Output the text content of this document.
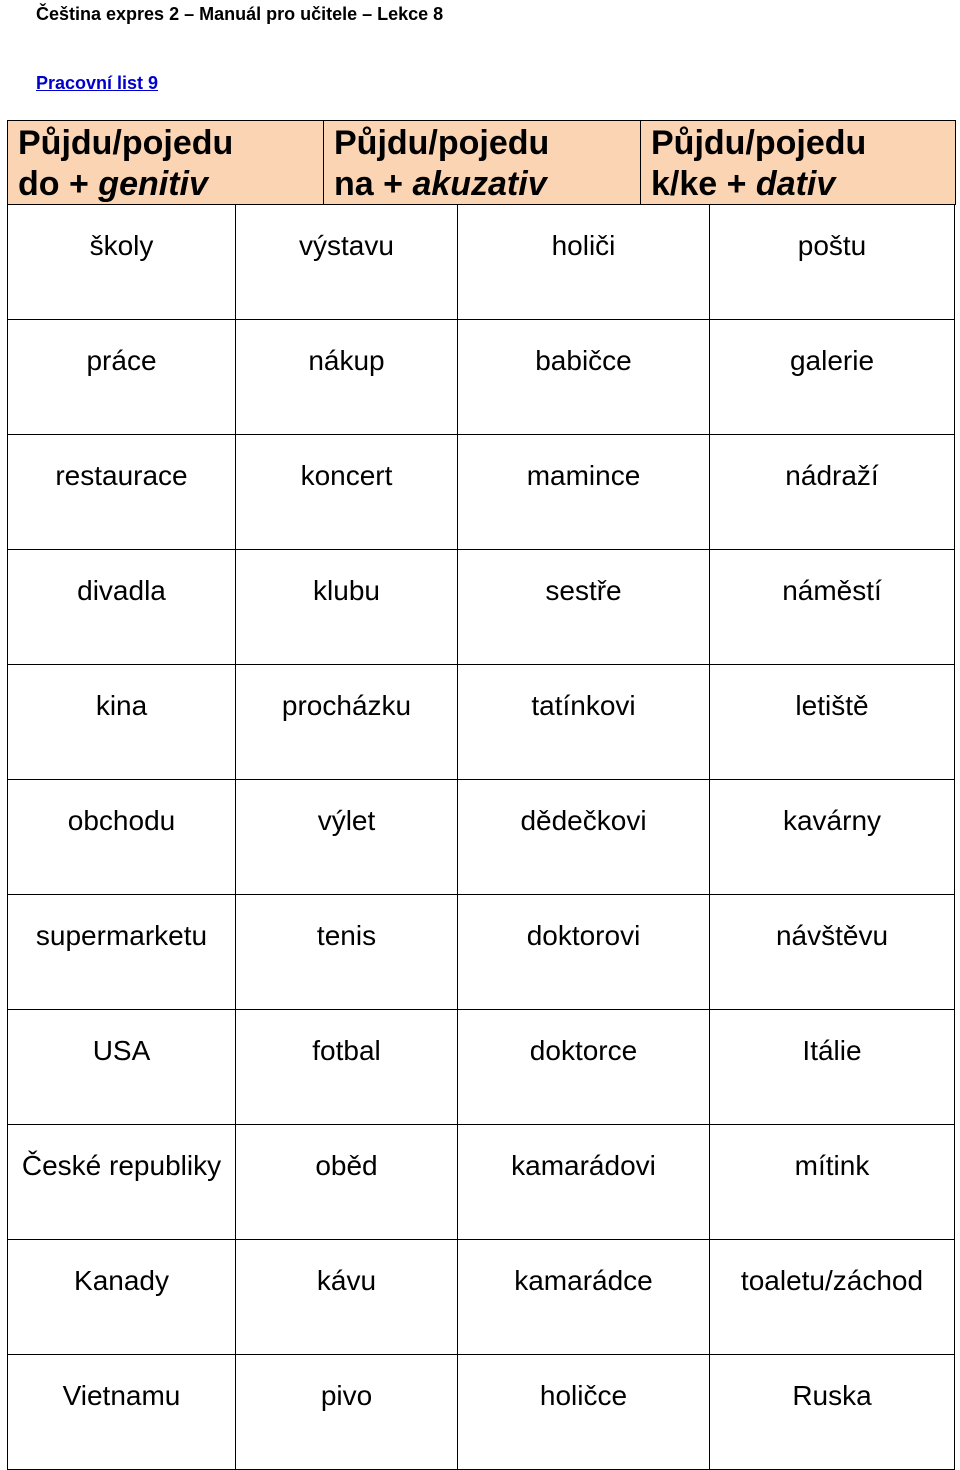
Čeština expres 2 – Manuál pro učitele – Lekce 8
Pracovní list 9
Půjdu/pojedu
do + genitiv
Půjdu/pojedu
na + akuzativ
Půjdu/pojedu
k/ke + dativ
školy	výstavu	holiči	poštu

práce	nákup	babičce	galerie

restaurace	koncert	mamince	nádraží

divadla	klubu	sestře	náměstí

kina	procházku	tatínkovi	letiště

obchodu	výlet	dědečkovi	kavárny

supermarketu	tenis	doktorovi	návštěvu

USA	fotbal	doktorce	Itálie

České republiky	oběd	kamarádovi	mítink

Kanady	kávu	kamarádce	toaletu/záchod

Vietnamu	pivo	holičce	Ruska
